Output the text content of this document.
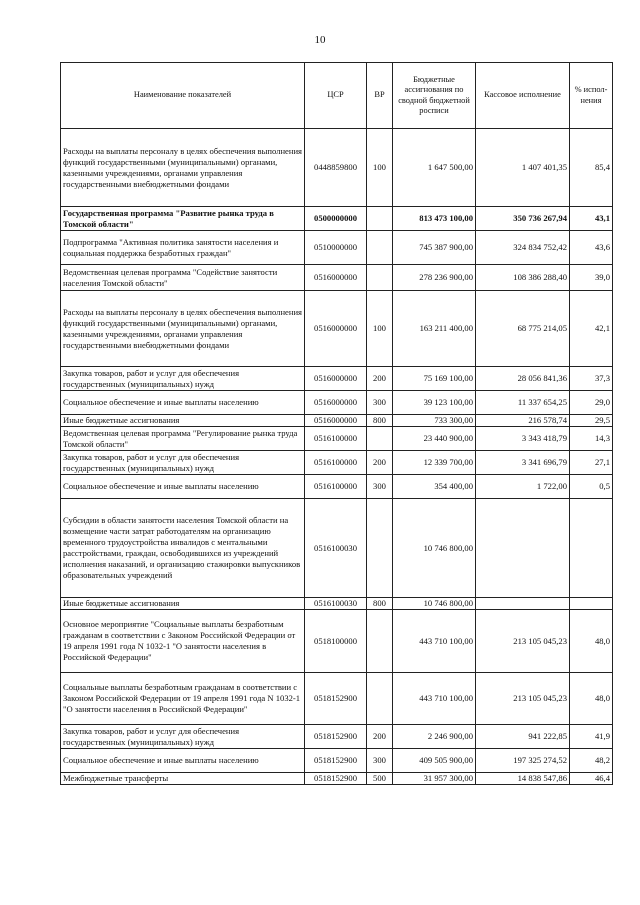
10
Наименование показателей	ЦСР	ВР	Бюджетные ассигнования по сводной бюджетной росписи	Кассовое исполнение	% испол-нения
Расходы на выплаты персоналу в целях обеспечения выполнения функций государственными (муниципальными) органами, казенными учреждениями, органами управления государственными внебюджетными фондами	0448859800	100	1 647 500,00	1 407 401,35	85,4
Государственная программа "Развитие рынка труда в Томской области"	0500000000		813 473 100,00	350 736 267,94	43,1
Подпрограмма "Активная политика занятости населения и социальная поддержка безработных граждан"	0510000000		745 387 900,00	324 834 752,42	43,6
Ведомственная целевая программа "Содействие занятости населения Томской области"	0516000000		278 236 900,00	108 386 288,40	39,0
Расходы на выплаты персоналу в целях обеспечения выполнения функций государственными (муниципальными) органами, казенными учреждениями, органами управления государственными внебюджетными фондами	0516000000	100	163 211 400,00	68 775 214,05	42,1
Закупка товаров, работ и услуг для обеспечения государственных (муниципальных) нужд	0516000000	200	75 169 100,00	28 056 841,36	37,3
Социальное обеспечение и иные выплаты населению	0516000000	300	39 123 100,00	11 337 654,25	29,0
Иные бюджетные ассигнования	0516000000	800	733 300,00	216 578,74	29,5
Ведомственная целевая программа "Регулирование рынка труда Томской области"	0516100000		23 440 900,00	3 343 418,79	14,3
Закупка товаров, работ и услуг для обеспечения государственных (муниципальных) нужд	0516100000	200	12 339 700,00	3 341 696,79	27,1
Социальное обеспечение и иные выплаты населению	0516100000	300	354 400,00	1 722,00	0,5
Субсидии в области занятости населения Томской области на возмещение части затрат работодателям на организацию временного трудоустройства инвалидов с ментальными расстройствами, граждан, освободившихся из учреждений исполнения наказаний, и организацию стажировки выпускников образовательных учреждений	0516100030		10 746 800,00		
Иные бюджетные ассигнования	0516100030	800	10 746 800,00		
Основное мероприятие "Социальные выплаты безработным гражданам в соответствии с Законом Российской Федерации от 19 апреля 1991 года N 1032-1 "О занятости населения в Российской Федерации"	0518100000		443 710 100,00	213 105 045,23	48,0
Социальные выплаты безработным гражданам в соответствии с Законом Российской Федерации от 19 апреля 1991 года N 1032-1 "О занятости населения в Российской Федерации"	0518152900		443 710 100,00	213 105 045,23	48,0
Закупка товаров, работ и услуг для обеспечения государственных (муниципальных) нужд	0518152900	200	2 246 900,00	941 222,85	41,9
Социальное обеспечение и иные выплаты населению	0518152900	300	409 505 900,00	197 325 274,52	48,2
Межбюджетные трансферты	0518152900	500	31 957 300,00	14 838 547,86	46,4
